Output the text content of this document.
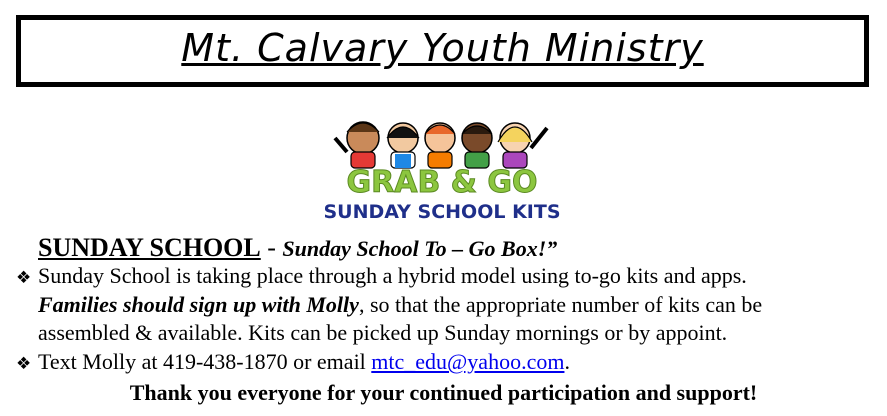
Mt. Calvary Youth Ministry
GRAB & GO
SUNDAY SCHOOL KITS
SUNDAY SCHOOL - Sunday School To – Go Box!”
❖ Sunday School is taking place through a hybrid model using to-go kits and apps.
Families should sign up with Molly, so that the appropriate number of kits can be
assembled & available. Kits can be picked up Sunday mornings or by appoint.
❖ Text Molly at 419-438-1870 or email mtc_edu@yahoo.com.
Thank you everyone for your continued participation and support!
